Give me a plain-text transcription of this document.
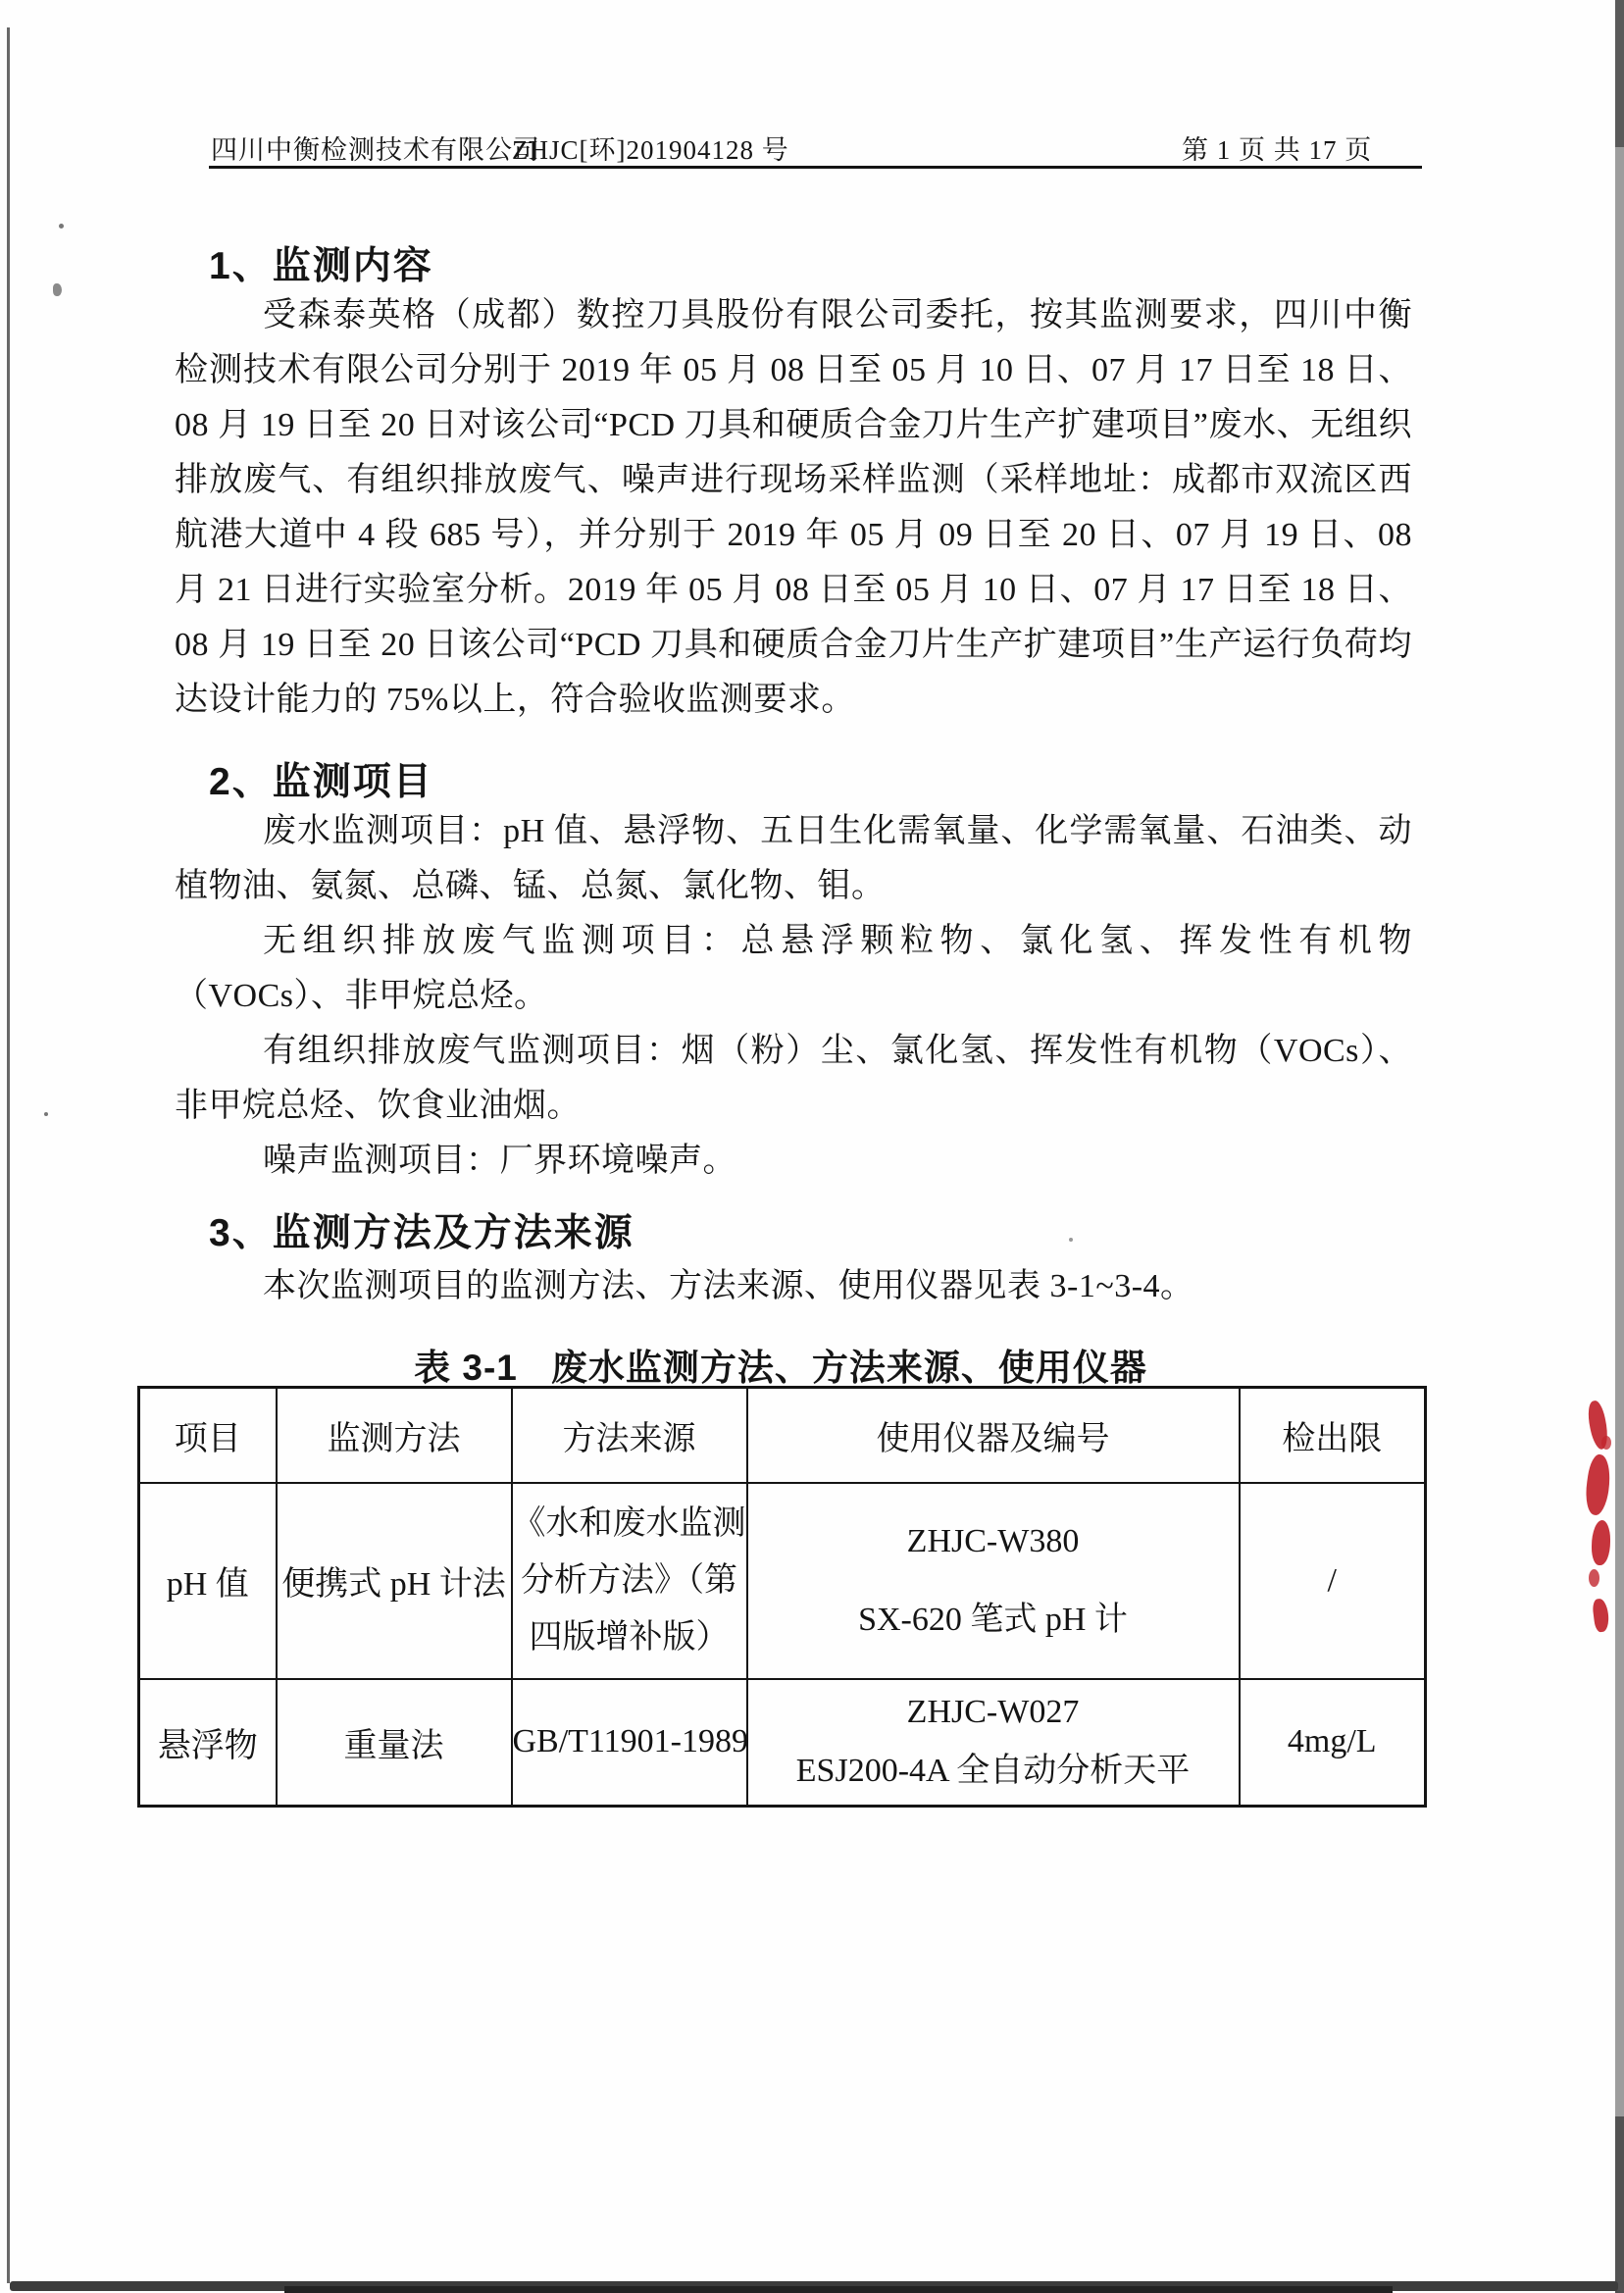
四川中衡检测技术有限公司
ZHJC[环]201904128 号	第 1 页 共 17 页
1、监测内容

受森泰英格（成都）数控刀具股份有限公司委托，按其监测要求，四川中衡检测技术有限公司分别于 2019 年 05 月 08 日至 05 月 10 日、07 月 17 日至 18 日、08 月 19 日至 20 日对该公司“PCD 刀具和硬质合金刀片生产扩建项目”废水、无组织排放废气、有组织排放废气、噪声进行现场采样监测（采样地址：成都市双流区西航港大道中 4 段 685 号），并分别于 2019 年 05 月 09 日至 20 日、07 月 19 日、08 月 21 日进行实验室分析。2019 年 05 月 08 日至 05 月 10 日、07 月 17 日至 18 日、08 月 19 日至 20 日该公司“PCD 刀具和硬质合金刀片生产扩建项目”生产运行负荷均达设计能力的 75%以上，符合验收监测要求。

2、监测项目

废水监测项目：pH 值、悬浮物、五日生化需氧量、化学需氧量、石油类、动植物油、氨氮、总磷、锰、总氮、氯化物、钼。

无组织排放废气监测项目：总悬浮颗粒物、氯化氢、挥发性有机物（VOCs）、非甲烷总烃。

有组织排放废气监测项目：烟（粉）尘、氯化氢、挥发性有机物（VOCs）、非甲烷总烃、饮食业油烟。

噪声监测项目：厂界环境噪声。

3、监测方法及方法来源

本次监测项目的监测方法、方法来源、使用仪器见表 3-1~3-4。

表 3-1 废水监测方法、方法来源、使用仪器
项目	监测方法	方法来源	使用仪器及编号	检出限
pH 值	便携式 pH 计法	《水和废水监测
分析方法》（第
四版增补版）	ZHJC-W380
SX-620 笔式 pH 计	/
悬浮物	重量法	GB/T11901-1989	ZHJC-W027
ESJ200-4A 全自动分析天平	4mg/L
